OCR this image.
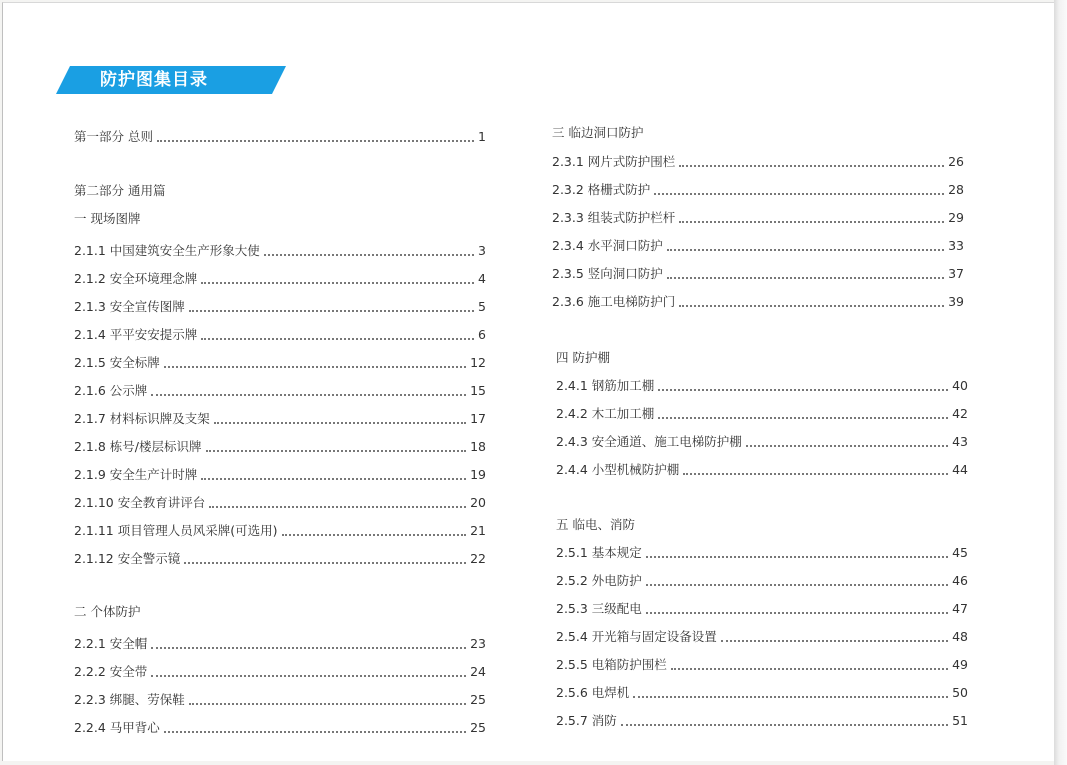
防护图集目录
第一部分 总则	1
第二部分 通用篇
一 现场图牌
2.1.1 中国建筑安全生产形象大使	3
2.1.2 安全环境理念牌	4
2.1.3 安全宣传图牌	5
2.1.4 平平安安提示牌	6
2.1.5 安全标牌	12
2.1.6 公示牌	15
2.1.7 材料标识牌及支架	17
2.1.8 栋号/楼层标识牌	18
2.1.9 安全生产计时牌	19
2.1.10 安全教育讲评台	20
2.1.11 项目管理人员风采牌(可选用)	21
2.1.12 安全警示镜	22
二 个体防护
2.2.1 安全帽	23
2.2.2 安全带	24
2.2.3 绑腿、劳保鞋	25
2.2.4 马甲背心	25
三 临边洞口防护
2.3.1 网片式防护围栏	26
2.3.2 格栅式防护	28
2.3.3 组装式防护栏杆	29
2.3.4 水平洞口防护	33
2.3.5 竖向洞口防护	37
2.3.6 施工电梯防护门	39
四 防护棚
2.4.1 钢筋加工棚	40
2.4.2 木工加工棚	42
2.4.3 安全通道、施工电梯防护棚	43
2.4.4 小型机械防护棚	44
五 临电、消防
2.5.1 基本规定	45
2.5.2 外电防护	46
2.5.3 三级配电	47
2.5.4 开光箱与固定设备设置	48
2.5.5 电箱防护围栏	49
2.5.6 电焊机	50
2.5.7 消防	51
